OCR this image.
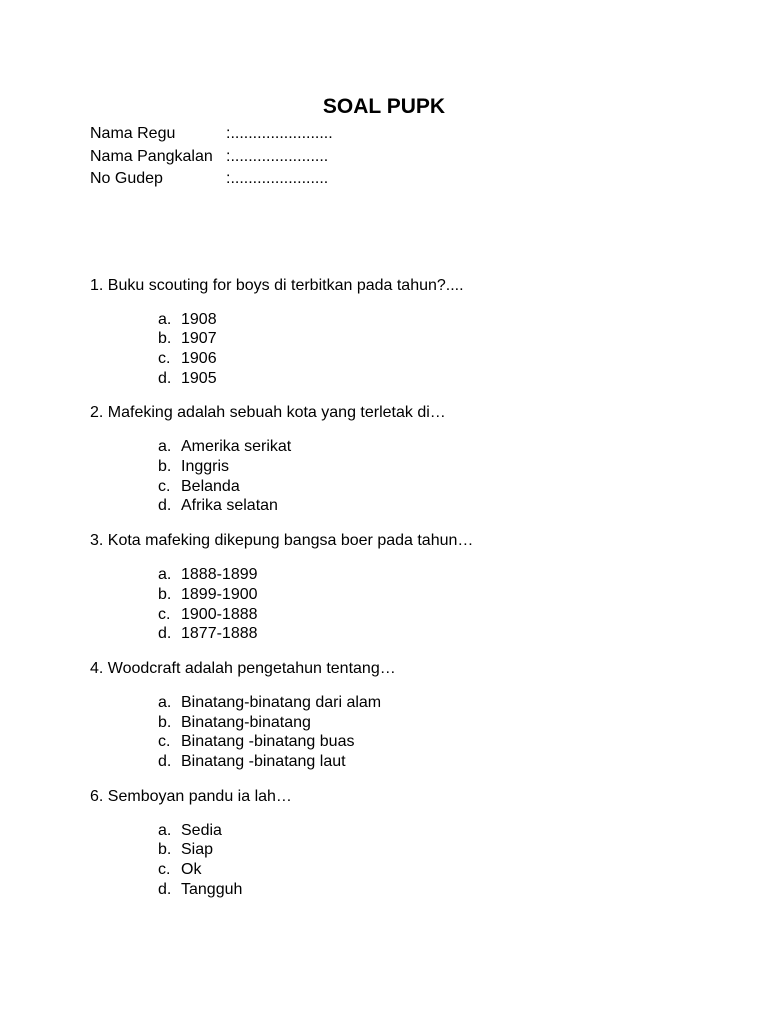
SOAL PUPK
Nama Regu	:.......................
Nama Pangkalan :......................
No Gudep	:......................

1. Buku scouting for boys di terbitkan pada tahun?....

a. 1908
b. 1907
c. 1906
d. 1905

2. Mafeking adalah sebuah kota yang terletak di…

a. Amerika serikat
b. Inggris
c. Belanda
d. Afrika selatan

3. Kota mafeking dikepung bangsa boer pada tahun…

a. 1888-1899
b. 1899-1900
c. 1900-1888
d. 1877-1888

4. Woodcraft adalah pengetahun tentang…

a. Binatang-binatang dari alam
b. Binatang-binatang
c. Binatang -binatang buas
d. Binatang -binatang laut

6. Semboyan pandu ia lah…

a. Sedia
b. Siap
c. Ok
d. Tangguh
